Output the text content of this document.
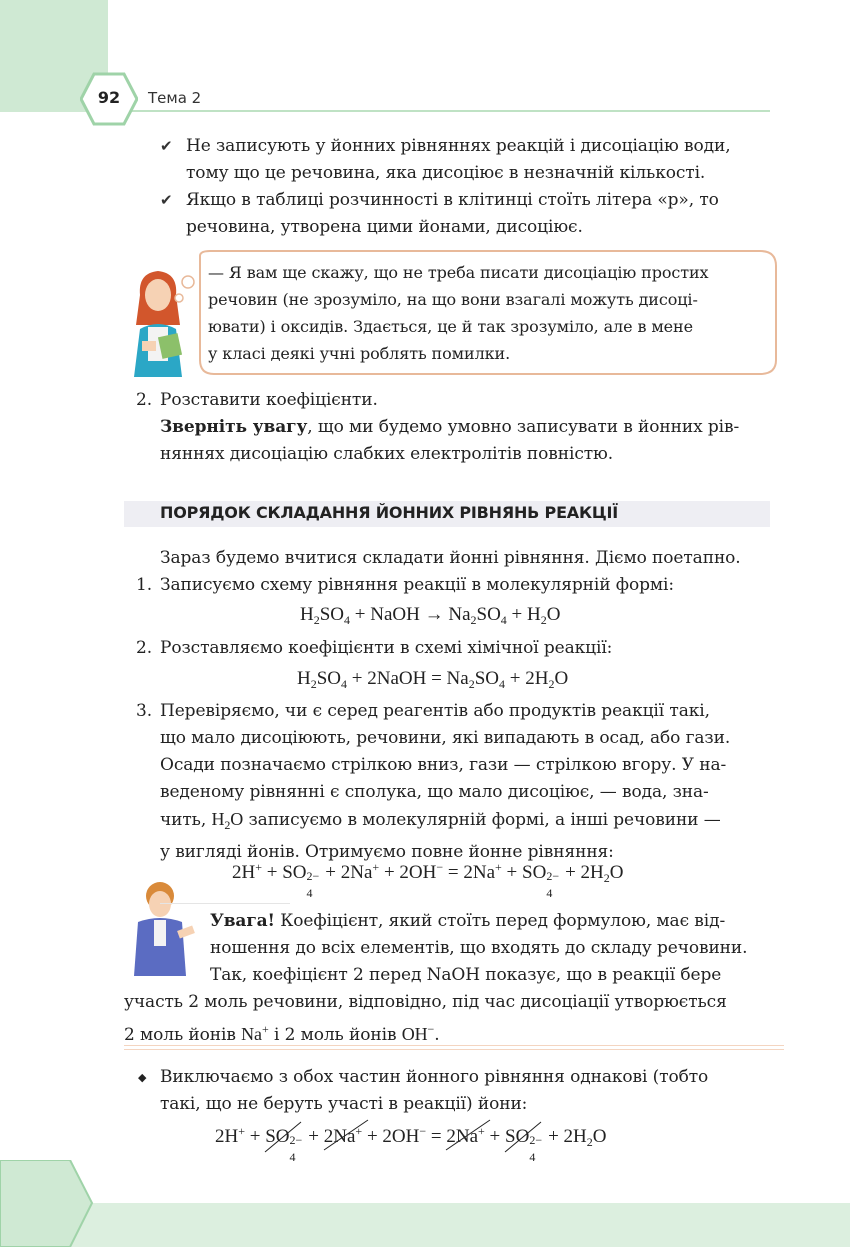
92	Тема 2
✔ Не записують у йонних рівняннях реакцій і дисоціацію води,
тому що це речовина, яка дисоціює в незначній кількості.
✔ Якщо в таблиці розчинності в клітинці стоїть літера «р», то
речовина, утворена цими йонами, дисоціює.
— Я вам ще скажу, що не треба писати дисоціацію простих
речовин (не зрозуміло, на що вони взагалі можуть дисоці-
ювати) і оксидів. Здається, це й так зрозуміло, але в мене
у класі деякі учні роблять помилки.
2. Розставити коефіцієнти.
Зверніть увагу, що ми будемо умовно записувати в йонних рів-
няннях дисоціацію слабких електролітів повністю.
ПОРЯДОК СКЛАДАННЯ ЙОННИХ РІВНЯНЬ РЕАКЦІЇ
Зараз будемо вчитися складати йонні рівняння. Діємо поетапно.
1. Записуємо схему рівняння реакції в молекулярній формі:
$H_2SO_4$ + NaOH → $Na_2SO_4 + H_2O$
2. Розставляємо коефіцієнти в схемі хімічної реакції:
$H_2SO_4$ + 2NaOH = $Na_2SO_4 + 2H_2O$
3. Перевіряємо, чи є серед реагентів або продуктів реакції такі,
що мало дисоціюють, речовини, які випадають в осад, або гази.
Осади позначаємо стрілкою вниз, гази — стрілкою вгору. У на-
веденому рівнянні є сполука, що мало дисоціює, — вода, зна-
чить, $H_2O$ записуємо в молекулярній формі, а інші речовини —
у вигляді йонів. Отримуємо повне йонне рівняння:
2H+ + SO 2−
4
+ 2Na+ + 2OH− = 2Na+ + SO 2−
4
+ $2H_2O$
Увага! Коефіцієнт, який стоїть перед формулою, має від-
ношення до всіх елементів, що входять до складу речовини.
Так, коефіцієнт 2 перед NaOH показує, що в реакції бере
участь 2 моль речовини, відповідно, під час дисоціації утворюється
2 моль йонів Na+ і 2 моль йонів OH−.
◆ Виключаємо з обох частин йонного рівняння однакові (тобто
такі, що не беруть участі в реакції) йони:
2H+ + SO 2−
4
+ 2Na+
+ 2OH− = 2Na+
+ SO 2−
4
+ $2H_2O$
